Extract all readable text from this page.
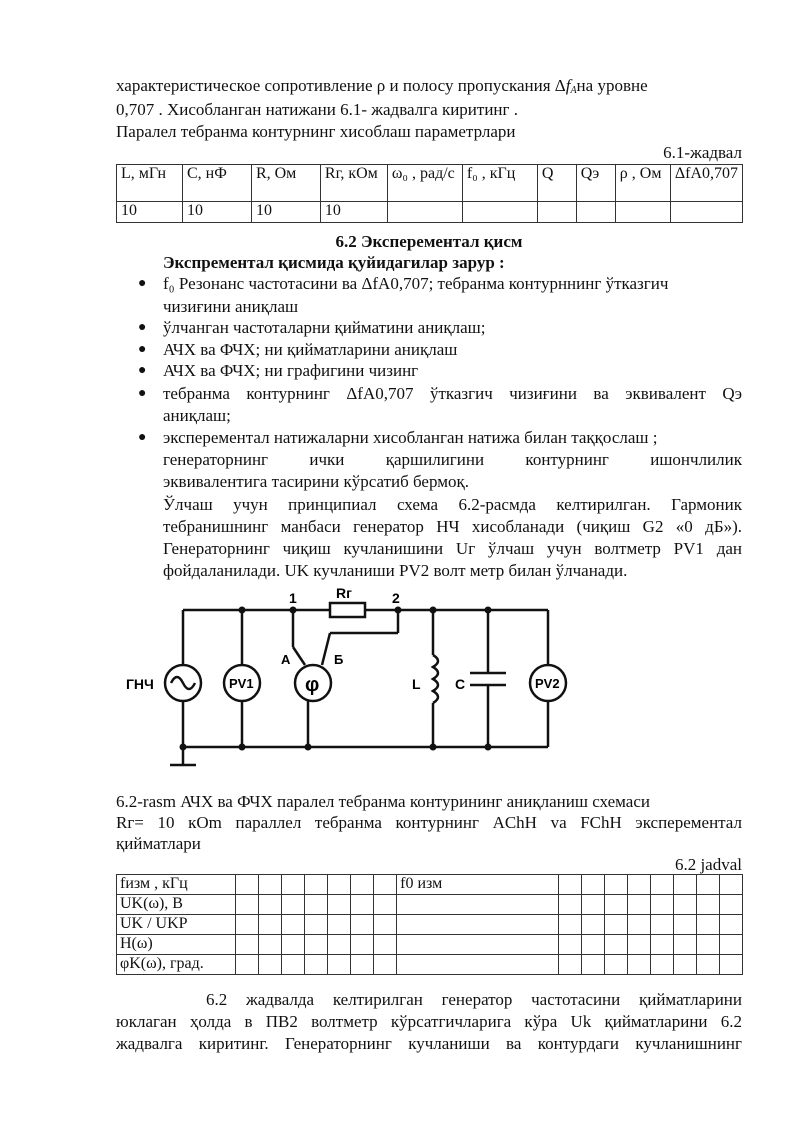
характеристическое сопротивление ρ и полосу пропускания $\Delta f_Ана$ уровне
0,707 . Хисобланган натижани 6.1- жадвалга киритинг .
Паралел тебранма контурнинг хисоблаш параметрлари
6.1-жадвал
L, мГн	C, нФ	R, Ом	Rг, кОм	ω₀ , рад/с	f₀ , кГц	Q	Qэ	ρ , Ом	ΔfА0,707
10	10	10	10						
6.2 Эксперементал қисм
Экспрементал қисмида қуйидагилар зарур :
● f₀ Резонанс частотасини ва ΔfА0,707; тебранма контурннинг ўтказгич
чизиғини аниқлаш
● ўлчанган частоталарни қийматини аниқлаш;
● АЧХ ва ФЧХ; ни қийматларини аниқлаш
● АЧХ ва ФЧХ; ни графигини чизинг
● тебранма контурнинг ΔfА0,707 ўтказгич чизиғини ва эквивалент Qэ
аниқлаш;
● эксперементал натижаларни хисобланган натижа билан таққослаш ;
генераторнинг ички қаршилигини контурнинг ишончлилик
эквивалентига тасирини кўрсатиб бермоқ.
Ўлчаш учун принципиал схема 6.2-расмда келтирилган. Гармоник
тебранишнинг манбаси генератор НЧ хисобланади (чиқиш G2 «0 дБ»).
Генераторнинг чиқиш кучланишини Uг ўлчаш учун волтметр PV1 дан
фойдаланилади. UK кучланиши PV2 волт метр билан ўлчанади.
ГНЧ	PV1	φ
Rг
1	2
А	Б
L C	PV2
6.2-rasm АЧХ ва ФЧХ паралел тебранма контурининг аниқланиш схемаси
Rг= 10 кОm параллел тебранма контурнинг AChH va FChH эксперементал
қийматлари
6.2 jadval
fизм , кГц								f0 изм								
UK(ω), В																
UK / UKP																
H(ω)																
φK(ω), град.																
6.2 жадвалда келтирилган генератор частотасини қийматларини
юклаган ҳолда в ПВ2 волтметр кўрсатгичларига кўра Uk қийматларини 6.2
жадвалга киритинг. Генераторнинг кучланиши ва контурдаги кучланишнинг
